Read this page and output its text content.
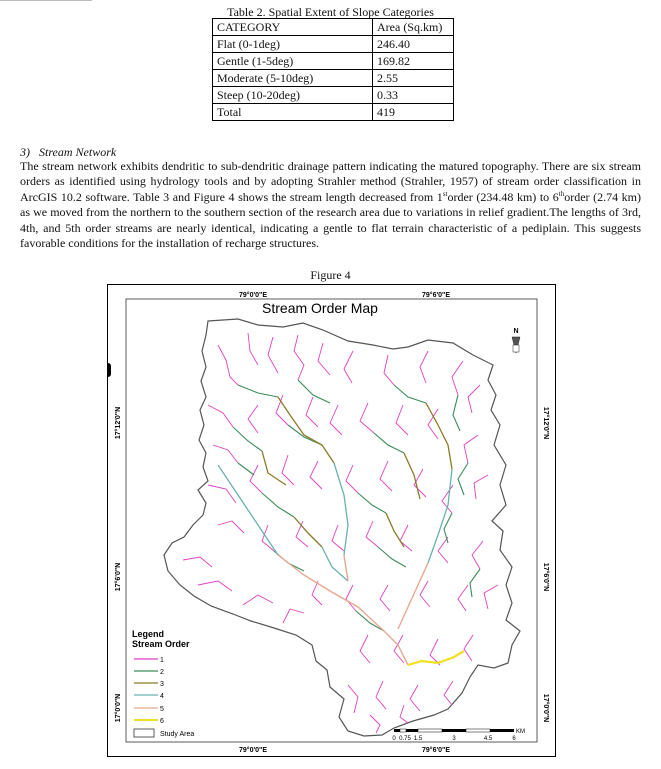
Table 2. Spatial Extent of Slope Categories
CATEGORY	Area (Sq.km)
Flat (0-1deg)	246.40
Gentle (1-5deg)	169.82
Moderate (5-10deg)	2.55
Steep (10-20deg)	0.33
Total	419
3) Stream Network

The stream network exhibits dendritic to sub-dendritic drainage pattern indicating the matured topography. There are six stream orders as identified using hydrology tools and by adopting Strahler method (Strahler, 1957) of stream order classification in ArcGIS 10.2 software. Table 3 and Figure 4 shows the stream length decreased from 1storder (234.48 km) to 6thorder (2.74 km) as we moved from the northern to the southern section of the research area due to variations in relief gradient.The lengths of 3rd, 4th, and 5th order streams are nearly identical, indicating a gentle to flat terrain characteristic of a pediplain. This suggests favorable conditions for the installation of recharge structures.

Figure 4
79°0'0"E	79°6'0"E
79°0'0"E	79°6'0"E
17°12'0"N
17°6'0"N
17°0'0"N
17°12'0"N
17°6'0"N
17°0'0"N
Stream Order Map
N
Legend
Stream Order
1
2
3
4
5
6
Study Area	KM
0 0.75 1.5	3	4.5	6
